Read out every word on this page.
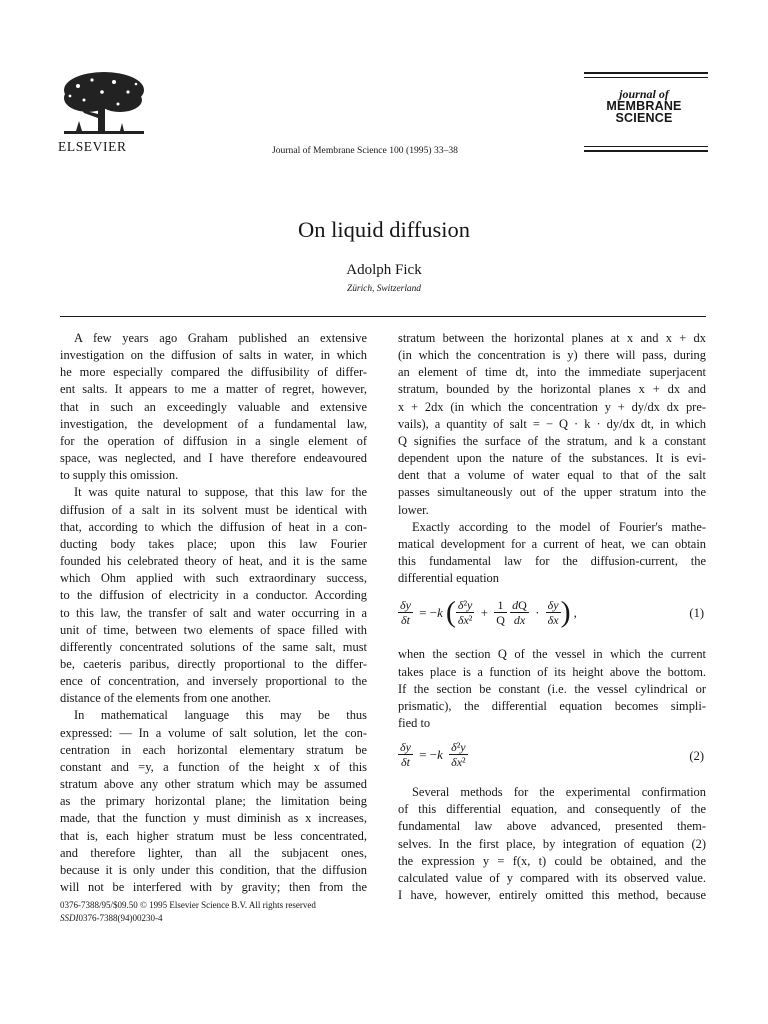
ELSEVIER	Journal of Membrane Science 100 (1995) 33–38
journal of
MEMBRANE
SCIENCE
On liquid diffusion
Adolph Fick
Zürich, Switzerland
A few years ago Graham published an extensive
investigation on the diffusion of salts in water, in which
he more especially compared the diffusibility of differ-
ent salts. It appears to me a matter of regret, however,
that in such an exceedingly valuable and extensive
investigation, the development of a fundamental law,
for the operation of diffusion in a single element of
space, was neglected, and I have therefore endeavoured
to supply this omission.
It was quite natural to suppose, that this law for the
diffusion of a salt in its solvent must be identical with
that, according to which the diffusion of heat in a con-
ducting body takes place; upon this law Fourier
founded his celebrated theory of heat, and it is the same
which Ohm applied with such extraordinary success,
to the diffusion of electricity in a conductor. According
to this law, the transfer of salt and water occurring in a
unit of time, between two elements of space filled with
differently concentrated solutions of the same salt, must
be, caeteris paribus, directly proportional to the differ-
ence of concentration, and inversely proportional to the
distance of the elements from one another.
In mathematical language this may be thus
expressed: — In a volume of salt solution, let the con-
centration in each horizontal elementary stratum be
constant and =y, a function of the height x of this
stratum above any other stratum which may be assumed
as the primary horizontal plane; the limitation being
made, that the function y must diminish as x increases,
that is, each higher stratum must be less concentrated,
and therefore lighter, than all the subjacent ones,
because it is only under this condition, that the diffusion
will not be interfered with by gravity; then from the
stratum between the horizontal planes at x and x + dx
(in which the concentration is y) there will pass, during
an element of time dt, into the immediate superjacent
stratum, bounded by the horizontal planes x + dx and
x + 2dx (in which the concentration y + dy/dx dx pre-
vails), a quantity of salt = − Q · k · dy/dx dt, in which
Q signifies the surface of the stratum, and k a constant
dependent upon the nature of the substances. It is evi-
dent that a volume of water equal to that of the salt
passes simultaneously out of the upper stratum into the
lower.
Exactly according to the model of Fourier's mathe-
matical development for a current of heat, we can obtain
this fundamental law for the diffusion-current, the
differential equation
$\frac{\delta y}{\delta t} = -k$ ( $\frac{\text{δ²y}}{\text{δx²}} + \frac{1}{Q}$
$\frac{dQ}{dx} \cdot \frac{\delta y}{\delta x}$ ) ,	(1)
when the section Q of the vessel in which the current
takes place is a function of its height above the bottom.
If the section be constant (i.e. the vessel cylindrical or
prismatic), the differential equation becomes simpli-
fied to
$\frac{\delta y}{\delta t} = -k \frac{\text{δ²y}}{\text{δx²}}$	(2)
Several methods for the experimental confirmation
of this differential equation, and consequently of the
fundamental law above advanced, presented them-
selves. In the first place, by integration of equation (2)
the expression y = f(x, t) could be obtained, and the
calculated value of y compared with its observed value.
I have, however, entirely omitted this method, because
0376-7388/95/$09.50 © 1995 Elsevier Science B.V. All rights reserved
SSDI0376-7388(94)00230-4
